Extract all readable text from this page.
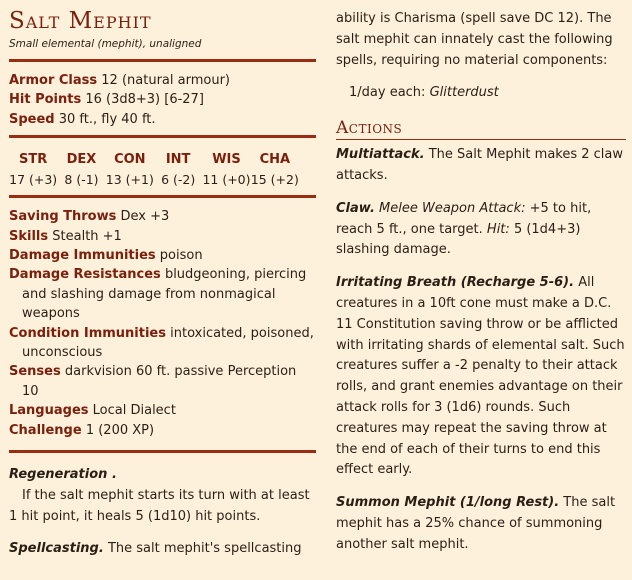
Salt Mephit
Small elemental (mephit), unaligned
Armor Class 12 (natural armour)
Hit Points 16 (3d8+3) [6-27]
Speed 30 ft., fly 40 ft.
STR
17 (+3)
DEX
8 (-1)
CON
13 (+1)
INT
6 (-2)
WIS
11 (+0)
CHA
15 (+2)
Saving Throws Dex +3
Skills Stealth +1
Damage Immunities poison
Damage Resistances bludgeoning, piercing and slashing damage from nonmagical weapons
Condition Immunities intoxicated, poisoned, unconscious
Senses darkvision 60 ft. passive Perception 10
Languages Local Dialect
Challenge 1 (200 XP)
Regeneration .
If the salt mephit starts its turn with at least 1 hit point, it heals 5 (1d10) hit points.
Spellcasting. The salt mephit's spellcasting
ability is Charisma (spell save DC 12). The salt mephit can innately cast the following spells, requiring no material components:
1/day each: Glitterdust
Actions
Multiattack. The Salt Mephit makes 2 claw attacks.
Claw. Melee Weapon Attack: +5 to hit, reach 5 ft., one target. Hit: 5 (1d4+3) slashing damage.
Irritating Breath (Recharge 5-6). All creatures in a 10ft cone must make a D.C. 11 Constitution saving throw or be afflicted with irritating shards of elemental salt. Such creatures suffer a -2 penalty to their attack rolls, and grant enemies advantage on their attack rolls for 3 (1d6) rounds. Such creatures may repeat the saving throw at the end of each of their turns to end this effect early.
Summon Mephit (1/long Rest). The salt mephit has a 25% chance of summoning another salt mephit.
